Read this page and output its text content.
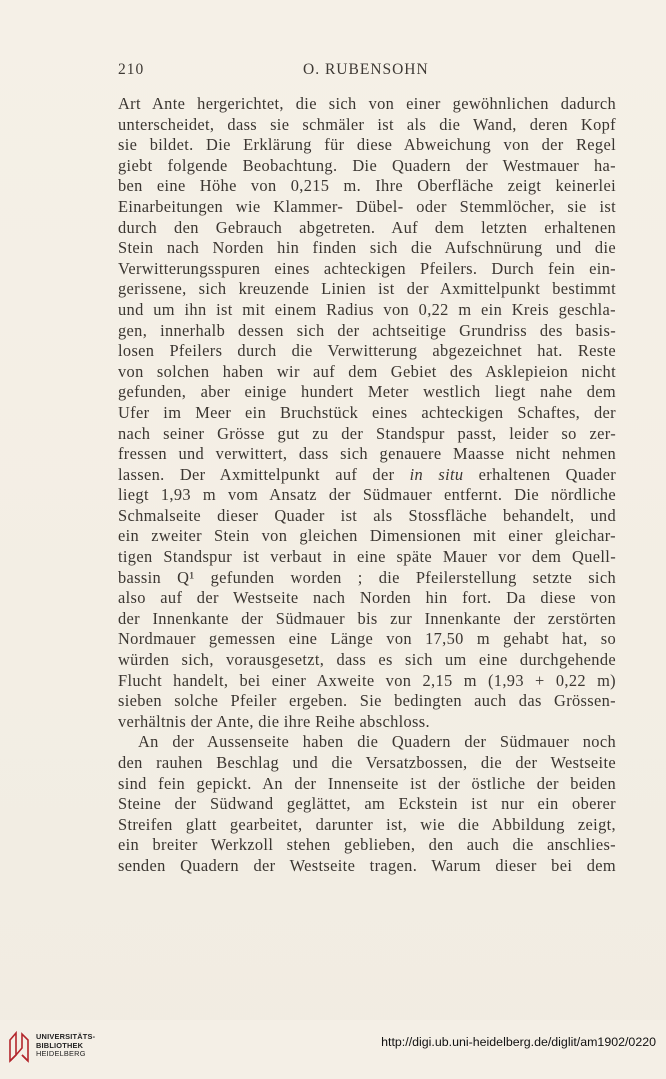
210	O. RUBENSOHN
Art Ante hergerichtet, die sich von einer gewöhnlichen dadurch
unterscheidet, dass sie schmäler ist als die Wand, deren Kopf
sie bildet. Die Erklärung für diese Abweichung von der Regel
giebt folgende Beobachtung. Die Quadern der Westmauer ha-
ben eine Höhe von 0,215 m. Ihre Oberfläche zeigt keinerlei
Einarbeitungen wie Klammer- Dübel- oder Stemmlöcher, sie ist
durch den Gebrauch abgetreten. Auf dem letzten erhaltenen
Stein nach Norden hin finden sich die Aufschnürung und die
Verwitterungsspuren eines achteckigen Pfeilers. Durch fein ein-
gerissene, sich kreuzende Linien ist der Axmittelpunkt bestimmt
und um ihn ist mit einem Radius von 0,22 m ein Kreis geschla-
gen, innerhalb dessen sich der achtseitige Grundriss des basis-
losen Pfeilers durch die Verwitterung abgezeichnet hat. Reste
von solchen haben wir auf dem Gebiet des Asklepieion nicht
gefunden, aber einige hundert Meter westlich liegt nahe dem
Ufer im Meer ein Bruchstück eines achteckigen Schaftes, der
nach seiner Grösse gut zu der Standspur passt, leider so zer-
fressen und verwittert, dass sich genauere Maasse nicht nehmen
lassen. Der Axmittelpunkt auf der in situ erhaltenen Quader
liegt 1,93 m vom Ansatz der Südmauer entfernt. Die nördliche
Schmalseite dieser Quader ist als Stossfläche behandelt, und
ein zweiter Stein von gleichen Dimensionen mit einer gleichar-
tigen Standspur ist verbaut in eine späte Mauer vor dem Quell-
bassin Q¹ gefunden worden ; die Pfeilerstellung setzte sich
also auf der Westseite nach Norden hin fort. Da diese von
der Innenkante der Südmauer bis zur Innenkante der zerstörten
Nordmauer gemessen eine Länge von 17,50 m gehabt hat, so
würden sich, vorausgesetzt, dass es sich um eine durchgehende
Flucht handelt, bei einer Axweite von 2,15 m (1,93 + 0,22 m)
sieben solche Pfeiler ergeben. Sie bedingten auch das Grössen-
verhältnis der Ante, die ihre Reihe abschloss.
An der Aussenseite haben die Quadern der Südmauer noch
den rauhen Beschlag und die Versatzbossen, die der Westseite
sind fein gepickt. An der Innenseite ist der östliche der beiden
Steine der Südwand geglättet, am Eckstein ist nur ein oberer
Streifen glatt gearbeitet, darunter ist, wie die Abbildung zeigt,
ein breiter Werkzoll stehen geblieben, den auch die anschlies-
senden Quadern der Westseite tragen. Warum dieser bei dem
UNIVERSITÄTS-
BIBLIOTHEK
HEIDELBERG
http://digi.ub.uni-heidelberg.de/diglit/am1902/0220
